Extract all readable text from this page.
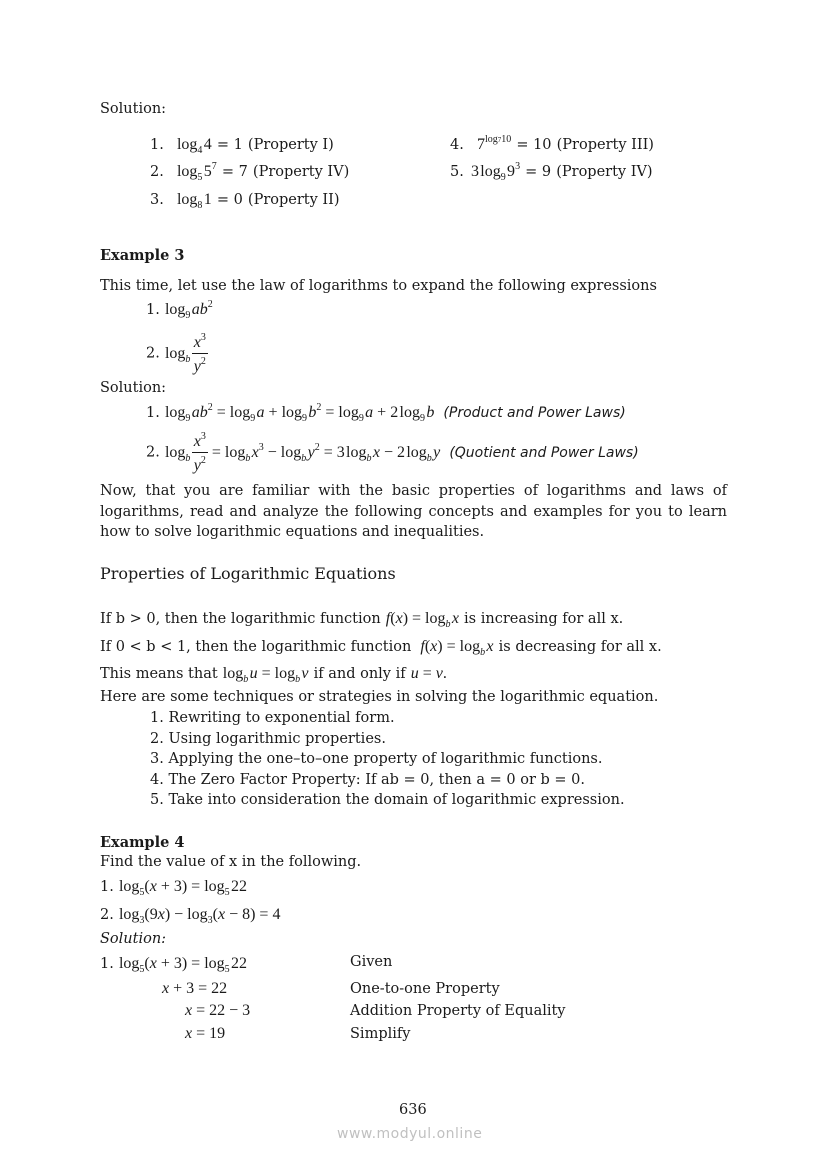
Solution:
1. $\log_4$ 4 = 1 (Property I)
2. $\log_5$ $5^7 = 7$ (Property IV)
3. $\log_8$ 1 = 0 (Property II)
4. $7^{log710} = 10$ (Property III)
5. 3 $\log_9$ $9^3 = 9$ (Property IV)
Example 3
This time, let use the law of logarithms to expand the following expressions
1. $\log_9$ $ab^2$
2. $\log_b$  $\frac{x^3}{y^2}$
Solution:
1. $\log_9$ $ab^2 = \log_9$ $a + \log_9$ $b^2 = \log_9$ a + 2 $\log_9$ b (Product and Power Laws)
2. $\log_b$  $\frac{x^3}{y^2} = \log_b$ $x^3 - \log_b$ $y^2 = 3$ $\log_b$ x − 2 $\log_b$ y (Quotient and Power Laws)
Now, that you are familiar with the basic properties of logarithms and laws of logarithms, read and analyze the following concepts and examples for you to learn how to solve logarithmic equations and inequalities.
Properties of Logarithmic Equations
If b > 0, then the logarithmic function $f(x) = \log_b$ x is increasing for all x.
If 0 < b < 1, then the logarithmic function $f(x) = \log_b$ x is decreasing for all x.
This means that $\log_b$ $u = \log_b$ v if and only if u = v.
Here are some techniques or strategies in solving the logarithmic equation.
1. Rewriting to exponential form.
2. Using logarithmic properties.
3. Applying the one–to–one property of logarithmic functions.
4. The Zero Factor Property: If ab = 0, then a = 0 or b = 0.
5. Take into consideration the domain of logarithmic expression.
Example 4
Find the value of x in the following.
1. $\log_5(x + 3) = \log_5$ 22
2. $\log_3(9x) - \log_3(x - 8) = 4$
Solution:
1. $\log_5(x + 3) = \log_5$ 22
x + 3 = 22
x = 22 − 3
x = 19
Given
One-to-one Property
Addition Property of Equality
Simplify
636
www.modyul.online
